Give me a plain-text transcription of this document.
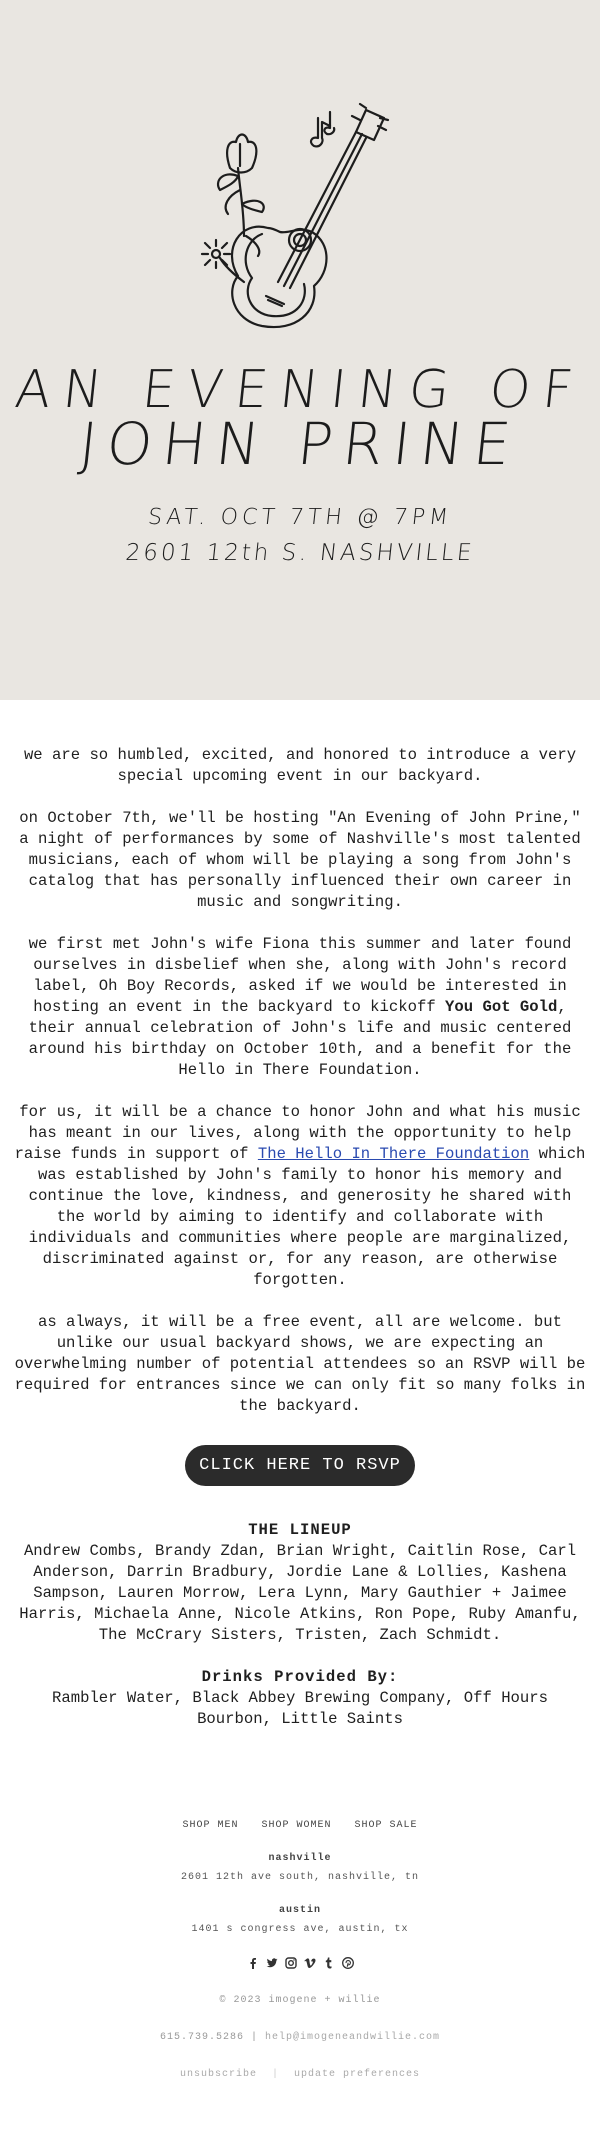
AN EVENING OF
JOHN PRINE
SAT. OCT 7TH @ 7PM
2601 12th S. NASHVILLE

we are so humbled, excited, and honored to introduce a very special upcoming event in our backyard.

on October 7th, we'll be hosting "An Evening of John Prine," a night of performances by some of Nashville's most talented musicians, each of whom will be playing a song from John's catalog that has personally influenced their own career in music and songwriting.

we first met John's wife Fiona this summer and later found ourselves in disbelief when she, along with John's record label, Oh Boy Records, asked if we would be interested in hosting an event in the backyard to kickoff You Got Gold, their annual celebration of John's life and music centered around his birthday on October 10th, and a benefit for the Hello in There Foundation.

for us, it will be a chance to honor John and what his music has meant in our lives, along with the opportunity to help raise funds in support of The Hello In There Foundation which was established by John's family to honor his memory and continue the love, kindness, and generosity he shared with the world by aiming to identify and collaborate with individuals and communities where people are marginalized, discriminated against or, for any reason, are otherwise forgotten.

as always, it will be a free event, all are welcome. but unlike our usual backyard shows, we are expecting an overwhelming number of potential attendees so an RSVP will be required for entrances since we can only fit so many folks in the backyard.

CLICK HERE TO RSVP
THE LINEUP

Andrew Combs, Brandy Zdan, Brian Wright, Caitlin Rose, Carl Anderson, Darrin Bradbury, Jordie Lane & Lollies, Kashena Sampson, Lauren Morrow, Lera Lynn, Mary Gauthier + Jaimee Harris, Michaela Anne, Nicole Atkins, Ron Pope, Ruby Amanfu, The McCrary Sisters, Tristen, Zach Schmidt.

Drinks Provided By:

Rambler Water, Black Abbey Brewing Company, Off Hours Bourbon, Little Saints

SHOP MEN SHOP WOMEN SHOP SALE
nashville
2601 12th ave south, nashville, tn
austin
1401 s congress ave, austin, tx
© 2023 imogene + willie
615.739.5286 | help@imogeneandwillie.com
unsubscribe | update preferences
